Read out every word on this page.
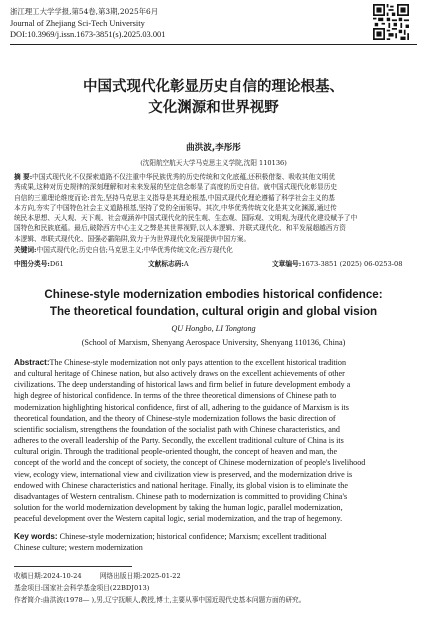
浙江理工大学学报,第54卷,第3期,2025年6月
Journal of Zhejiang Sci-Tech University
DOI:10.3969/j.issn.1673-3851(s).2025.03.001
中国式现代化彰显历史自信的理论根基、
文化渊源和世界视野
曲洪波,李彤彤
(沈阳航空航天大学马克思主义学院,沈阳 110136)
摘 要:中国式现代化不仅探索道路不仅注重中华民族优秀的历史传统和文化底蕴,还积极借鉴、吸收其他文明优
秀成果,这种对历史规律的深刻理解和对未来发展的坚定信念彰显了高度的历史自信。就中国式现代化彰显历史
自信的三重理论维度而论:首先,坚持马克思主义指导是其理论根基,中国式现代化理论遵循了科学社会主义的基
本方向,夯实了中国特色社会主义道路根基,坚持了党的全面领导。其次,中华优秀传统文化是其文化渊源,通过传
统民本思想、天人观、天下观、社会观涵养中国式现代化的民生观、生态观、国际观、文明观,为现代化建设赋予了中
国特色和民族底蕴。最后,破除西方中心主义之弊是其世界视野,以人本逻辑、并联式现代化、和平发展超越西方资
本逻辑、串联式现代化、国强必霸陷阱,致力于为世界现代化发展提供中国方案。
关键词:中国式现代化;历史自信;马克思主义;中华优秀传统文化;西方现代化
中图分类号:D61	文献标志码:A	文章编号:1673-3851 (2025) 06-0253-08
Chinese-style modernization embodies historical confidence:
The theoretical foundation, cultural origin and global vision
QU Hongbo, LI Tongtong
(School of Marxism, Shenyang Aerospace University, Shenyang 110136, China)
Abstract:The Chinese-style modernization not only pays attention to the excellent historical tradition
and cultural heritage of Chinese nation, but also actively draws on the excellent achievements of other
civilizations. The deep understanding of historical laws and firm belief in future development embody a
high degree of historical confidence. In terms of the three theoretical dimensions of Chinese path to
modernization highlighting historical confidence, first of all, adhering to the guidance of Marxism is its
theoretical foundation, and the theory of Chinese-style modernization follows the basic direction of
scientific socialism, strengthens the foundation of the socialist path with Chinese characteristics, and
adheres to the overall leadership of the Party. Secondly, the excellent traditional culture of China is its
cultural origin. Through the traditional people-oriented thought, the concept of heaven and man, the
concept of the world and the concept of society, the concept of Chinese modernization of people's livelihood
view, ecology view, international view and civilization view is preserved, and the modernization drive is
endowed with Chinese characteristics and national heritage. Finally, its global vision is to eliminate the
disadvantages of Western centralism. Chinese path to modernization is committed to providing China's
solution for the world modernization development by taking the human logic, parallel modernization,
peaceful development over the Western capital logic, serial modernization, and the trap of hegemony.
Key words: Chinese-style modernization; historical confidence; Marxism; excellent traditional
Chinese culture; western modernization
收稿日期:2024-10-24	网络出版日期:2025-01-22
基金项目:国家社会科学基金项目(22BDJ013)
作者简介:曲洪波(1978— ),男,辽宁抚顺人,教授,博士,主要从事中国近现代史基本问题方面的研究。
